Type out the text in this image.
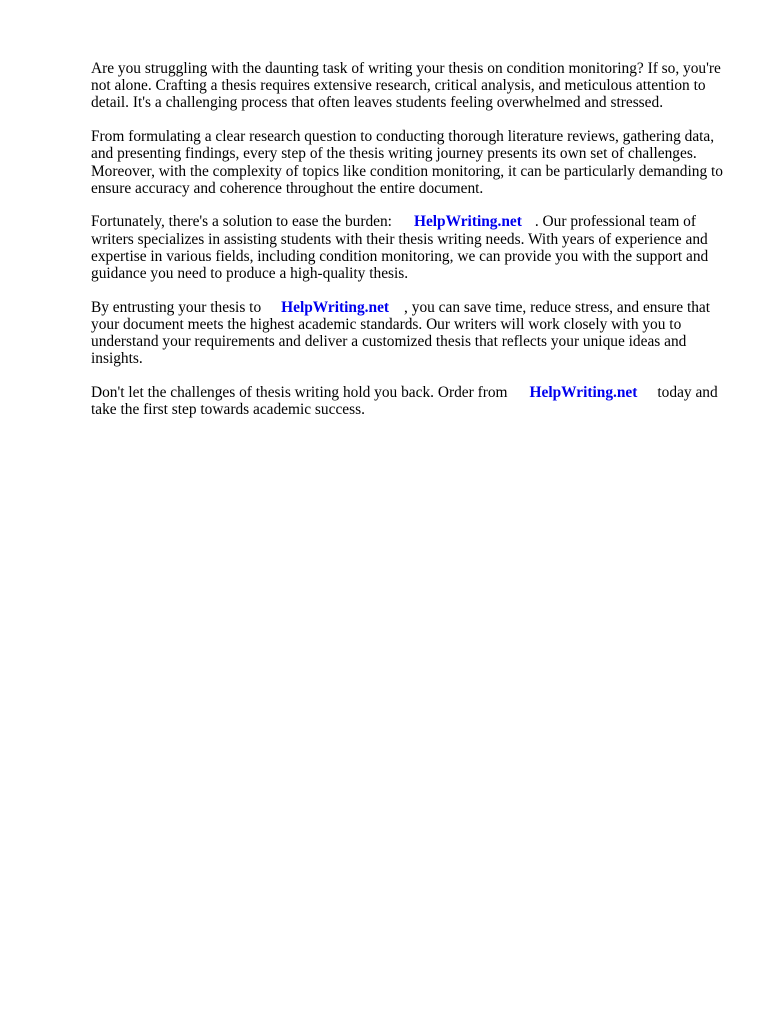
Are you struggling with the daunting task of writing your thesis on condition monitoring? If so, you're not alone. Crafting a thesis requires extensive research, critical analysis, and meticulous attention to detail. It's a challenging process that often leaves students feeling overwhelmed and stressed.

From formulating a clear research question to conducting thorough literature reviews, gathering data, and presenting findings, every step of the thesis writing journey presents its own set of challenges. Moreover, with the complexity of topics like condition monitoring, it can be particularly demanding to ensure accuracy and coherence throughout the entire document.

Fortunately, there's a solution to ease the burden: HelpWriting.net . Our professional team of writers specializes in assisting students with their thesis writing needs. With years of experience and expertise in various fields, including condition monitoring, we can provide you with the support and guidance you need to produce a high-quality thesis.

By entrusting your thesis to HelpWriting.net , you can save time, reduce stress, and ensure that your document meets the highest academic standards. Our writers will work closely with you to understand your requirements and deliver a customized thesis that reflects your unique ideas and insights.

Don't let the challenges of thesis writing hold you back. Order from HelpWriting.net today and take the first step towards academic success.
